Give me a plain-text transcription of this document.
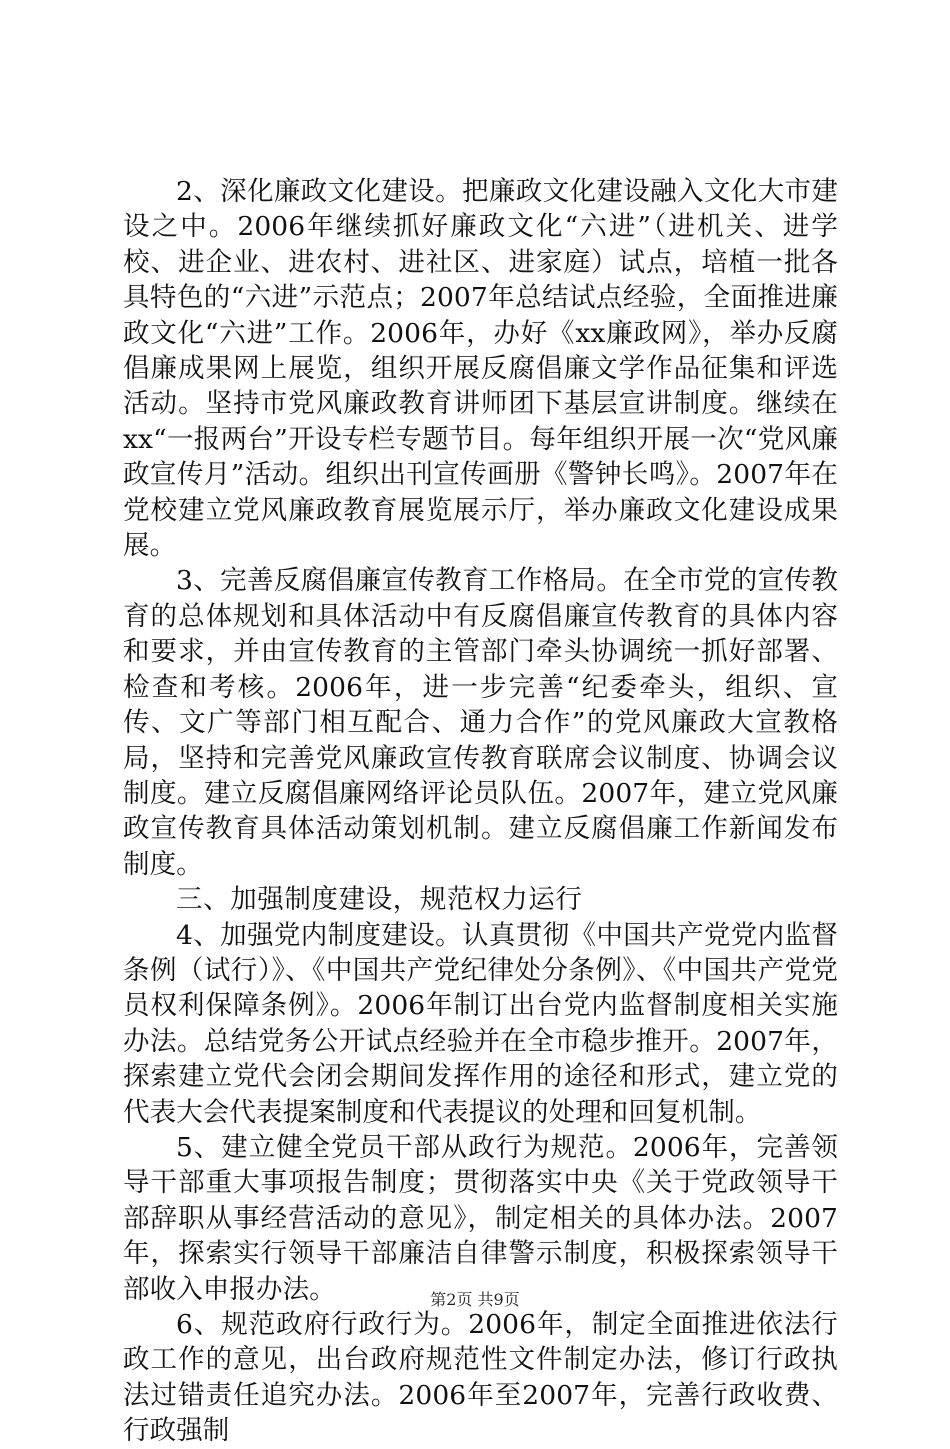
2、深化廉政文化建设。把廉政文化建设融入文化大市建设之中。2006年继续抓好廉政文化“六进”（进机关、进学校、进企业、进农村、进社区、进家庭）试点，培植一批各具特色的“六进”示范点；2007年总结试点经验，全面推进廉政文化“六进”工作。2006年，办好《xx廉政网》，举办反腐倡廉成果网上展览，组织开展反腐倡廉文学作品征集和评选活动。坚持市党风廉政教育讲师团下基层宣讲制度。继续在xx“一报两台”开设专栏专题节目。每年组织开展一次“党风廉政宣传月”活动。组织出刊宣传画册《警钟长鸣》。2007年在党校建立党风廉政教育展览展示厅，举办廉政文化建设成果展。

3、完善反腐倡廉宣传教育工作格局。在全市党的宣传教育的总体规划和具体活动中有反腐倡廉宣传教育的具体内容和要求，并由宣传教育的主管部门牵头协调统一抓好部署、检查和考核。2006年，进一步完善“纪委牵头，组织、宣传、文广等部门相互配合、通力合作”的党风廉政大宣教格局，坚持和完善党风廉政宣传教育联席会议制度、协调会议制度。建立反腐倡廉网络评论员队伍。2007年，建立党风廉政宣传教育具体活动策划机制。建立反腐倡廉工作新闻发布制度。

三、加强制度建设，规范权力运行

4、加强党内制度建设。认真贯彻《中国共产党党内监督条例（试行）》、《中国共产党纪律处分条例》、《中国共产党党员权利保障条例》。2006年制订出台党内监督制度相关实施办法。总结党务公开试点经验并在全市稳步推开。2007年，探索建立党代会闭会期间发挥作用的途径和形式，建立党的代表大会代表提案制度和代表提议的处理和回复机制。

5、建立健全党员干部从政行为规范。2006年，完善领导干部重大事项报告制度；贯彻落实中央《关于党政领导干部辞职从事经营活动的意见》，制定相关的具体办法。2007年，探索实行领导干部廉洁自律警示制度，积极探索领导干部收入申报办法。

6、规范政府行政行为。2006年，制定全面推进依法行政工作的意见，出台政府规范性文件制定办法，修订行政执法过错责任追究办法。2006年至2007年，完善行政收费、行政强制

第2页 共9页
